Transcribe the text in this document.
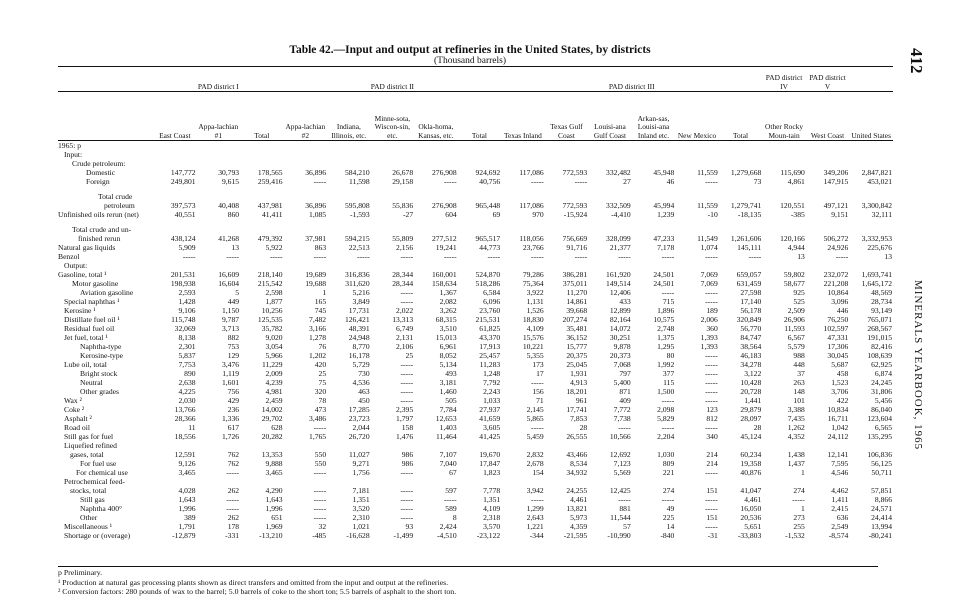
412
MINERALS YEARBOOK, 1965
Table 42.—Input and output at refineries in the United States, by districts
(Thousand barrels)
	PAD district I			PAD district II					PAD district III						PAD district IV	PAD district V	
	East Coast	Appa-lachian #1	Total	Appa-lachian #2	Indiana, Illinois, etc.	Minne-sota, Wiscon-sin, etc.	Okla-homa, Kansas, etc.	Total	Texas Inland	Texas Gulf Coast	Louisi-ana Gulf Coast	Arkan-sas, Louisi-ana Inland etc.	New Mexico	Total	Other Rocky Moun-tain	West Coast	United States
1965: p																	
Input:																	
Crude petroleum:																	
Domestic	147,772	30,793	178,565	36,896	584,210	26,678	276,908	924,692	117,086	772,593	332,482	45,948	11,559	1,279,668	115,690	349,206	2,847,821
Foreign	249,801	9,615	259,416	-----	11,598	29,158	-----	40,756	-----	-----	27	46	-----	73	4,861	147,915	453,021

Total crude																	
petroleum	397,573	40,408	437,981	36,896	595,808	55,836	276,908	965,448	117,086	772,593	332,509	45,994	11,559	1,279,741	120,551	497,121	3,300,842
Unfinished oils rerun (net)	40,551	860	41,411	1,085	-1,593	-27	604	69	970	-15,924	-4,410	1,239	-10	-18,135	-385	9,151	32,111

Total crude and un-																	
finished rerun	438,124	41,268	479,392	37,981	594,215	55,809	277,512	965,517	118,056	756,669	328,099	47,233	11,549	1,261,606	120,166	506,272	3,332,953
Natural gas liquids	5,909	13	5,922	863	22,513	2,156	19,241	44,773	23,766	91,716	21,377	7,178	1,074	145,111	4,944	24,926	225,676
Benzol	-----	-----	-----	-----	-----	-----	-----	-----	-----	-----	-----	-----	-----	-----	13	-----	13
Output:																	
Gasoline, total ¹	201,531	16,609	218,140	19,689	316,836	28,344	160,001	524,870	79,286	386,281	161,920	24,501	7,069	659,057	59,802	232,072	1,693,741
Motor gasoline	198,938	16,604	215,542	19,688	311,620	28,344	158,634	518,286	75,364	375,011	149,514	24,501	7,069	631,459	58,677	221,208	1,645,172
Aviation gasoline	2,593	5	2,598	1	5,216	-----	1,367	6,584	3,922	11,270	12,406	-----	-----	27,598	925	10,864	48,569
Special naphthas ¹	1,428	449	1,877	165	3,849	-----	2,082	6,096	1,131	14,861	433	715	-----	17,140	525	3,096	28,734
Kerosine ¹	9,106	1,150	10,256	745	17,731	2,022	3,262	23,760	1,526	39,668	12,899	1,896	189	56,178	2,509	446	93,149
Distillate fuel oil ¹	115,748	9,787	125,535	7,482	126,421	13,313	68,315	215,531	18,830	207,274	82,164	10,575	2,006	320,849	26,906	76,250	765,071
Residual fuel oil	32,069	3,713	35,782	3,166	48,391	6,749	3,510	61,825	4,109	35,481	14,072	2,748	360	56,770	11,593	102,597	268,567
Jet fuel, total ¹	8,138	882	9,020	1,278	24,948	2,131	15,013	43,370	15,576	36,152	30,251	1,375	1,393	84,747	6,567	47,331	191,015
Naphtha-type	2,301	753	3,054	76	8,770	2,106	6,961	17,913	10,221	15,777	9,878	1,295	1,393	38,564	5,579	17,306	82,416
Kerosine-type	5,837	129	5,966	1,202	16,178	25	8,052	25,457	5,355	20,375	20,373	80	-----	46,183	988	30,045	108,639
Lube oil, total	7,753	3,476	11,229	420	5,729	-----	5,134	11,283	173	25,045	7,068	1,992	-----	34,278	448	5,687	62,925
Bright stock	890	1,119	2,009	25	730	-----	493	1,248	17	1,931	797	377	-----	3,122	37	458	6,874
Neutral	2,638	1,601	4,239	75	4,536	-----	3,181	7,792	-----	4,913	5,400	115	-----	10,428	263	1,523	24,245
Other grades	4,225	756	4,981	320	463	-----	1,460	2,243	156	18,201	871	1,500	-----	20,728	148	3,706	31,806
Wax ²	2,030	429	2,459	78	450	-----	505	1,033	71	961	409	-----	-----	1,441	101	422	5,456
Coke ²	13,766	236	14,002	473	17,285	2,395	7,784	27,937	2,145	17,741	7,772	2,098	123	29,879	3,388	10,834	86,040
Asphalt ²	28,366	1,336	29,702	3,486	23,723	1,797	12,653	41,659	5,865	7,853	7,738	5,829	812	28,097	7,435	16,711	123,604
Road oil	11	617	628	-----	2,044	158	1,403	3,605	-----	28	-----	-----	-----	28	1,262	1,042	6,565
Still gas for fuel	18,556	1,726	20,282	1,765	26,720	1,476	11,464	41,425	5,459	26,555	10,566	2,204	340	45,124	4,352	24,112	135,295
Liquefied refined																	
gases, total	12,591	762	13,353	550	11,027	986	7,107	19,670	2,832	43,466	12,692	1,030	214	60,234	1,438	12,141	106,836
For fuel use	9,126	762	9,888	550	9,271	986	7,040	17,847	2,678	8,534	7,123	809	214	19,358	1,437	7,595	56,125
For chemical use	3,465	-----	3,465	-----	1,756	-----	67	1,823	154	34,932	5,569	221	-----	40,876	1	4,546	50,711
Petrochemical feed-																	
stocks, total	4,028	262	4,290	-----	7,181	-----	597	7,778	3,942	24,255	12,425	274	151	41,047	274	4,462	57,851
Still gas	1,643	-----	1,643	-----	1,351	-----	-----	1,351	-----	4,461	-----	-----	-----	4,461	-----	1,411	8,866
Naphtha 400°	1,996	-----	1,996	-----	3,520	-----	589	4,109	1,299	13,821	881	49	-----	16,050	1	2,415	24,571
Other	389	262	651	-----	2,310	-----	8	2,318	2,643	5,973	11,544	225	151	20,536	273	636	24,414
Miscellaneous ¹	1,791	178	1,969	32	1,021	93	2,424	3,570	1,221	4,359	57	14	-----	5,651	255	2,549	13,994
Shortage or (overage)	-12,879	-331	-13,210	-485	-16,628	-1,499	-4,510	-23,122	-344	-21,595	-10,990	-840	-31	-33,803	-1,532	-8,574	-80,241
p Preliminary.
¹ Production at natural gas processing plants shown as direct transfers and omitted from the input and output at the refineries.
² Conversion factors: 280 pounds of wax to the barrel; 5.0 barrels of coke to the short ton; 5.5 barrels of asphalt to the short ton.
